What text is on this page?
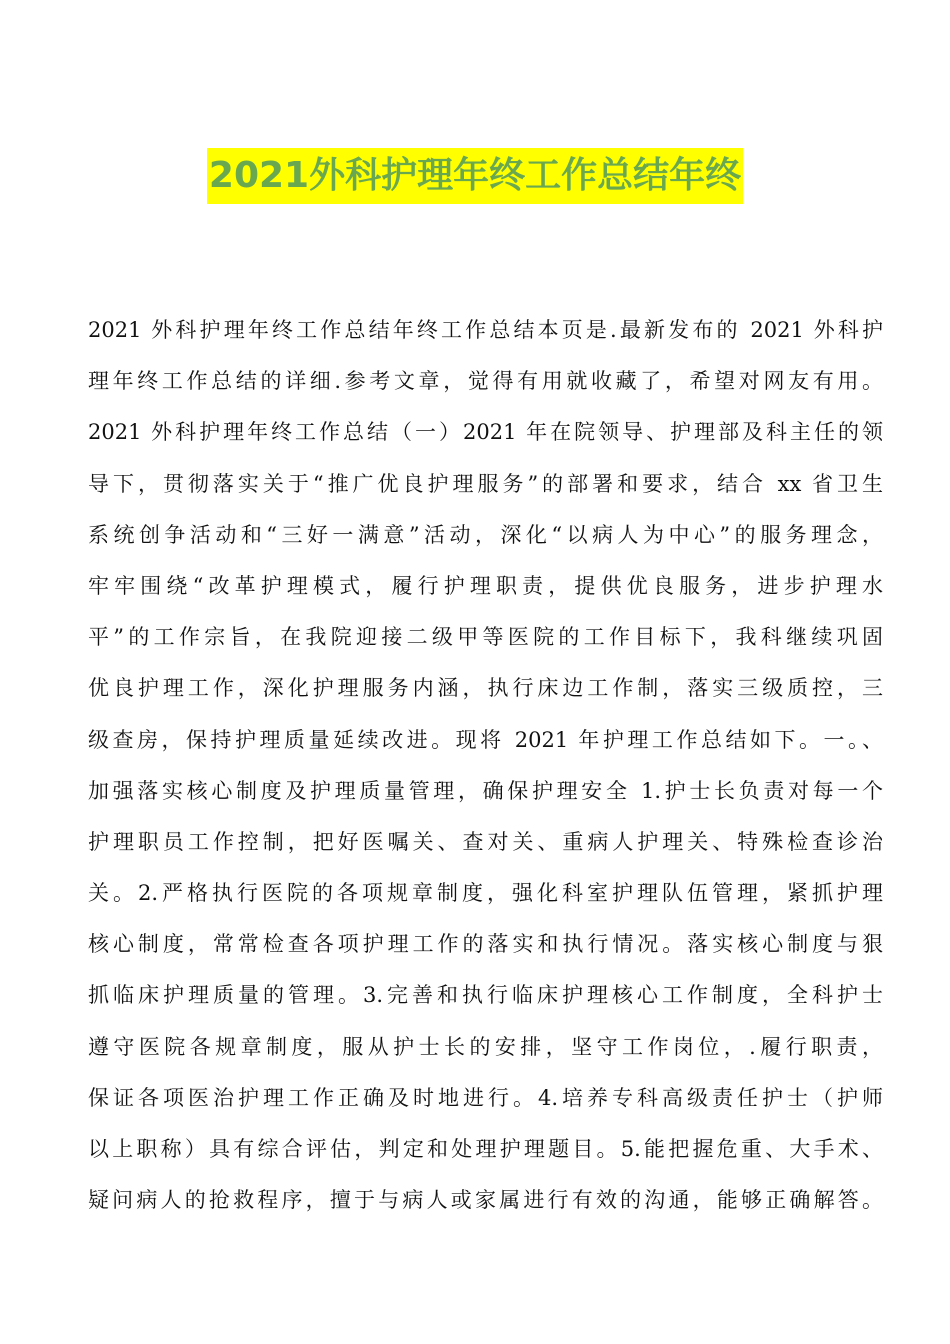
2021外科护理年终工作总结年终
2021 外科护理年终工作总结年终工作总结本页是.最新发布的 2021 外科护
理年终工作总结的详细.参考文章，觉得有用就收藏了，希望对网友有用。
2021 外科护理年终工作总结（一）2021 年在院领导、护理部及科主任的领
导下，贯彻落实关于“推广优良护理服务”的部署和要求，结合 xx 省卫生
系统创争活动和“三好一满意”活动，深化“以病人为中心”的服务理念，
牢牢围绕“改革护理模式，履行护理职责，提供优良服务，进步护理水
平”的工作宗旨，在我院迎接二级甲等医院的工作目标下，我科继续巩固
优良护理工作，深化护理服务内涵，执行床边工作制，落实三级质控，三
级查房，保持护理质量延续改进。现将 2021 年护理工作总结如下。一。、
加强落实核心制度及护理质量管理，确保护理安全 1.护士长负责对每一个
护理职员工作控制，把好医嘱关、查对关、重病人护理关、特殊检查诊治
关。2.严格执行医院的各项规章制度，强化科室护理队伍管理，紧抓护理
核心制度，常常检查各项护理工作的落实和执行情况。落实核心制度与狠
抓临床护理质量的管理。3.完善和执行临床护理核心工作制度，全科护士
遵守医院各规章制度，服从护士长的安排，坚守工作岗位，.履行职责，
保证各项医治护理工作正确及时地进行。4.培养专科高级责任护士（护师
以上职称）具有综合评估，判定和处理护理题目。5.能把握危重、大手术、
疑问病人的抢救程序，擅于与病人或家属进行有效的沟通，能够正确解答。
